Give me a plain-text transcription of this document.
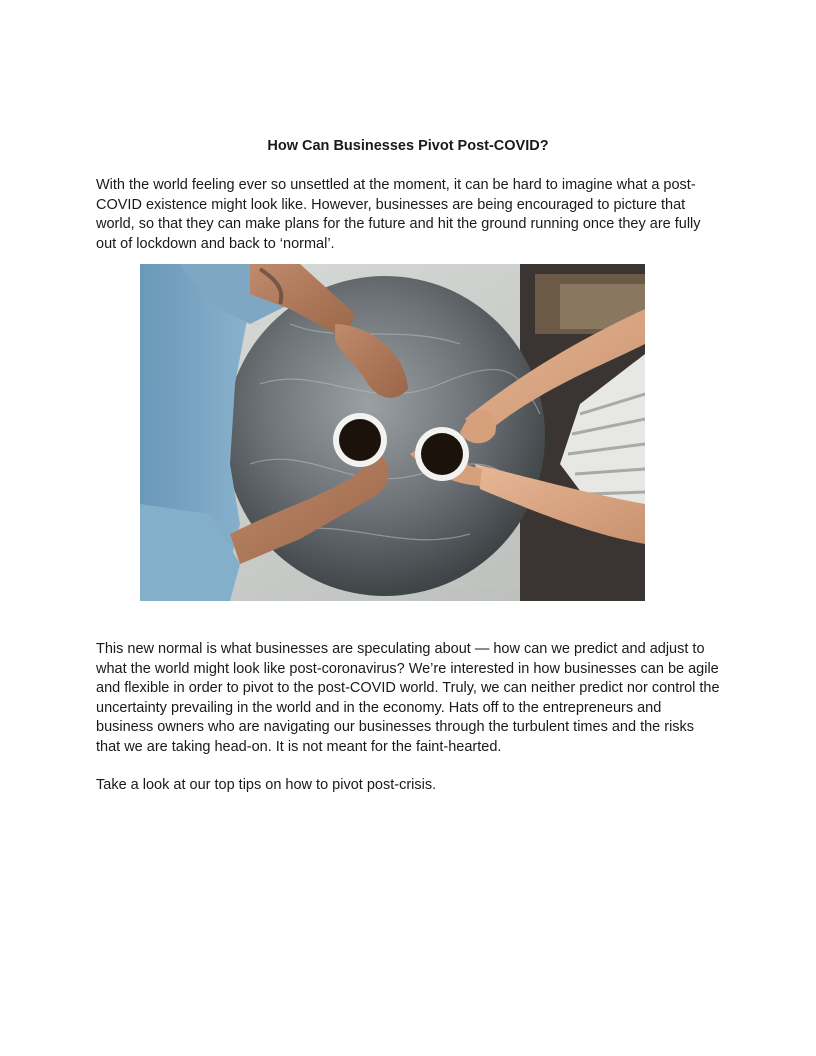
How Can Businesses Pivot Post-COVID?

With the world feeling ever so unsettled at the moment, it can be hard to imagine what a post-COVID existence might look like. However, businesses are being encouraged to picture that world, so that they can make plans for the future and hit the ground running once they are fully out of lockdown and back to ‘normal’.

This new normal is what businesses are speculating about — how can we predict and adjust to what the world might look like post-coronavirus? We’re interested in how businesses can be agile and flexible in order to pivot to the post-COVID world. Truly, we can neither predict nor control the uncertainty prevailing in the world and in the economy. Hats off to the entrepreneurs and business owners who are navigating our businesses through the turbulent times and the risks that we are taking head-on. It is not meant for the faint-hearted.

Take a look at our top tips on how to pivot post-crisis.
